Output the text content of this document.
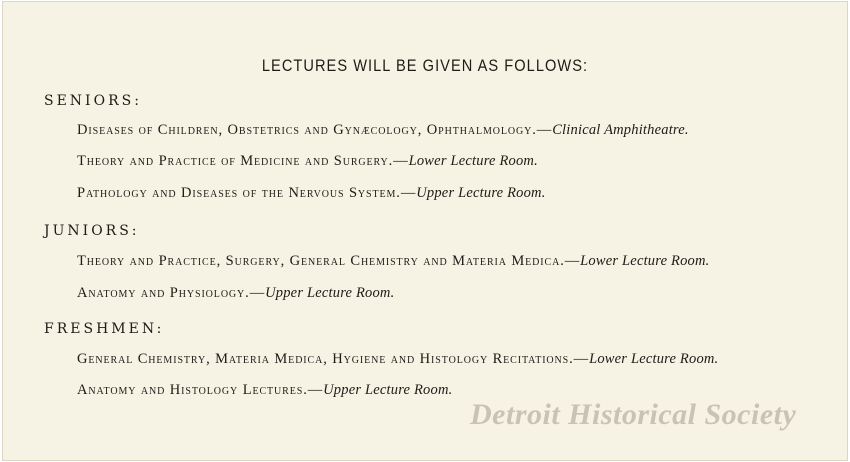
LECTURES WILL BE GIVEN AS FOLLOWS:
SENIORS:
Diseases of Children, Obstetrics and Gynæcology, Ophthalmology.—Clinical Amphitheatre.
Theory and Practice of Medicine and Surgery.—Lower Lecture Room.
Pathology and Diseases of the Nervous System.—Upper Lecture Room.
JUNIORS:
Theory and Practice, Surgery, General Chemistry and Materia Medica.—Lower Lecture Room.
Anatomy and Physiology.—Upper Lecture Room.
FRESHMEN:
General Chemistry, Materia Medica, Hygiene and Histology Recitations.—Lower Lecture Room.
Anatomy and Histology Lectures.—Upper Lecture Room.
Detroit Historical Society
